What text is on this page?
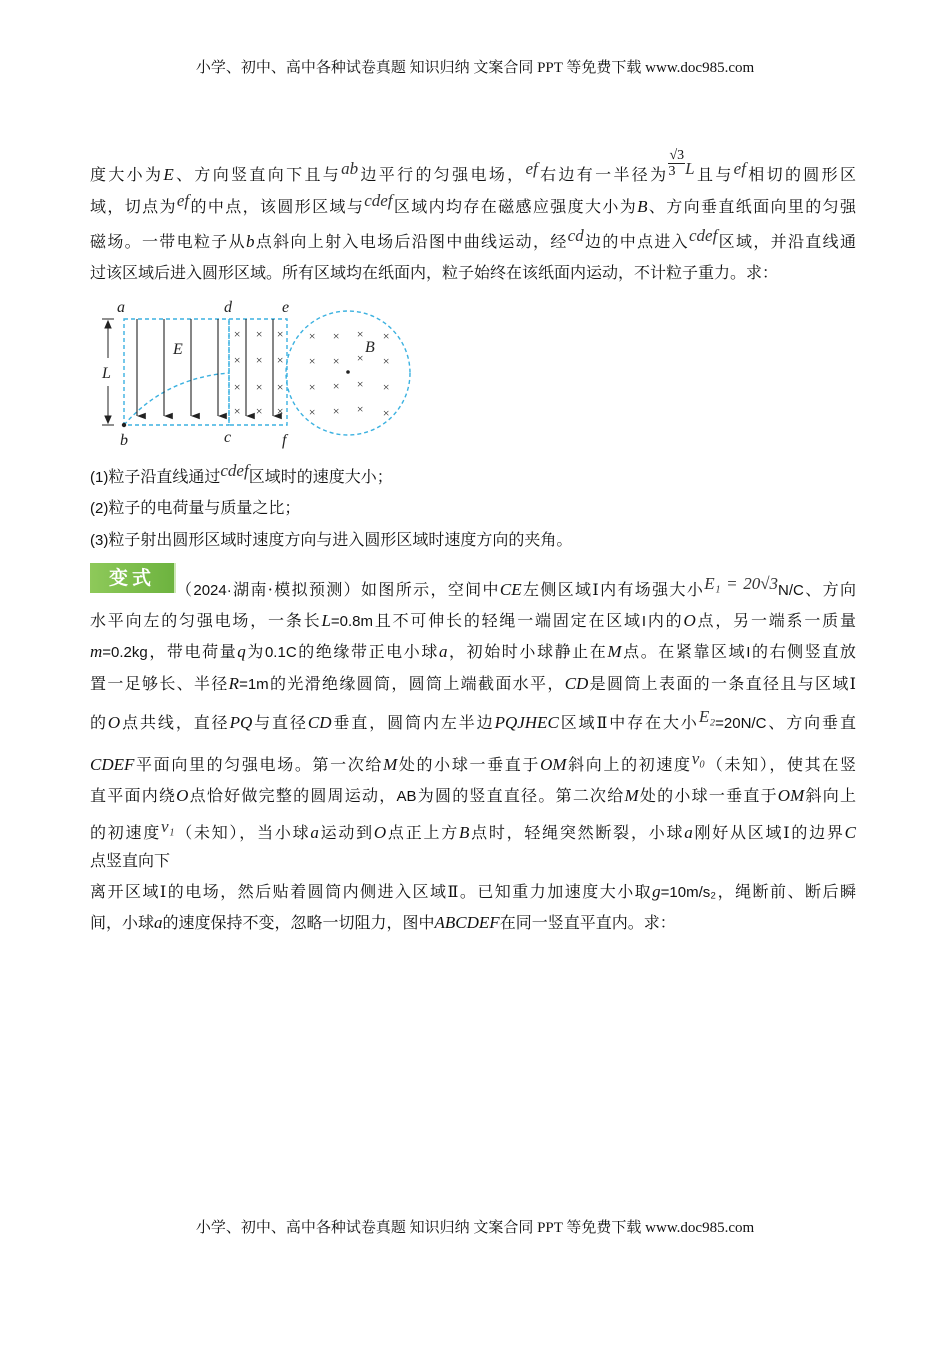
小学、初中、高中各种试卷真题 知识归纳 文案合同 PPT 等免费下载 www.doc985.com
度大小为E、方向竖直向下且与ab边平行的匀强电场，ef右边有一半径为 $\frac{√3}{3}$ L且与ef相切的圆形区
域，切点为ef的中点，该圆形区域与cdef区域内均存在磁感应强度大小为B、方向垂直纸面向里的匀强
磁场。一带电粒子从b点斜向上射入电场后沿图中曲线运动，经cd边的中点进入cdef区域，并沿直线通
过该区域后进入圆形区域。所有区域均在纸面内，粒子始终在该纸面内运动，不计粒子重力。求：
× × ×
× × ×
× × ×
× × ×
× × × ×
× × × ×
× × × ×
× × × ×
a
b	c
d	e
f
E
L
B
(1)粒子沿直线通过cdef区域时的速度大小；
(2)粒子的电荷量与质量之比；
(3)粒子射出圆形区域时速度方向与进入圆形区域时速度方向的夹角。
变式
（2024·湖南·模拟预测）如图所示，空间中CE左侧区域Ⅰ内有场强大小E₁ = 20√3N/C、方向
水平向左的匀强电场，一条长L=0.8m且不可伸长的轻绳一端固定在区域I内的O点，另一端系一质量
m=0.2kg，带电荷量q为0.1C的绝缘带正电小球a，初始时小球静止在M点。在紧靠区域I的右侧竖直放
置一足够长、半径R=1m的光滑绝缘圆筒，圆筒上端截面水平，CD是圆筒上表面的一条直径且与区域Ⅰ
的O点共线，直径PQ与直径CD垂直，圆筒内左半边PQJHEC区域Ⅱ中存在大小E₂=20N/C、方向垂直
CDEF平面向里的匀强电场。第一次给M处的小球一垂直于OM斜向上的初速度v₀（未知），使其在竖
直平面内绕O点恰好做完整的圆周运动，AB为圆的竖直直径。第二次给M处的小球一垂直于OM斜向上
的初速度v₁（未知），当小球a运动到O点正上方B点时，轻绳突然断裂，小球a刚好从区域Ⅰ的边界C
点竖直向下
离开区域Ⅰ的电场，然后贴着圆筒内侧进入区域Ⅱ。已知重力加速度大小取g=10m/s₂，绳断前、断后瞬
间，小球a的速度保持不变，忽略一切阻力，图中ABCDEF在同一竖直平直内。求：
小学、初中、高中各种试卷真题 知识归纳 文案合同 PPT 等免费下载 www.doc985.com
